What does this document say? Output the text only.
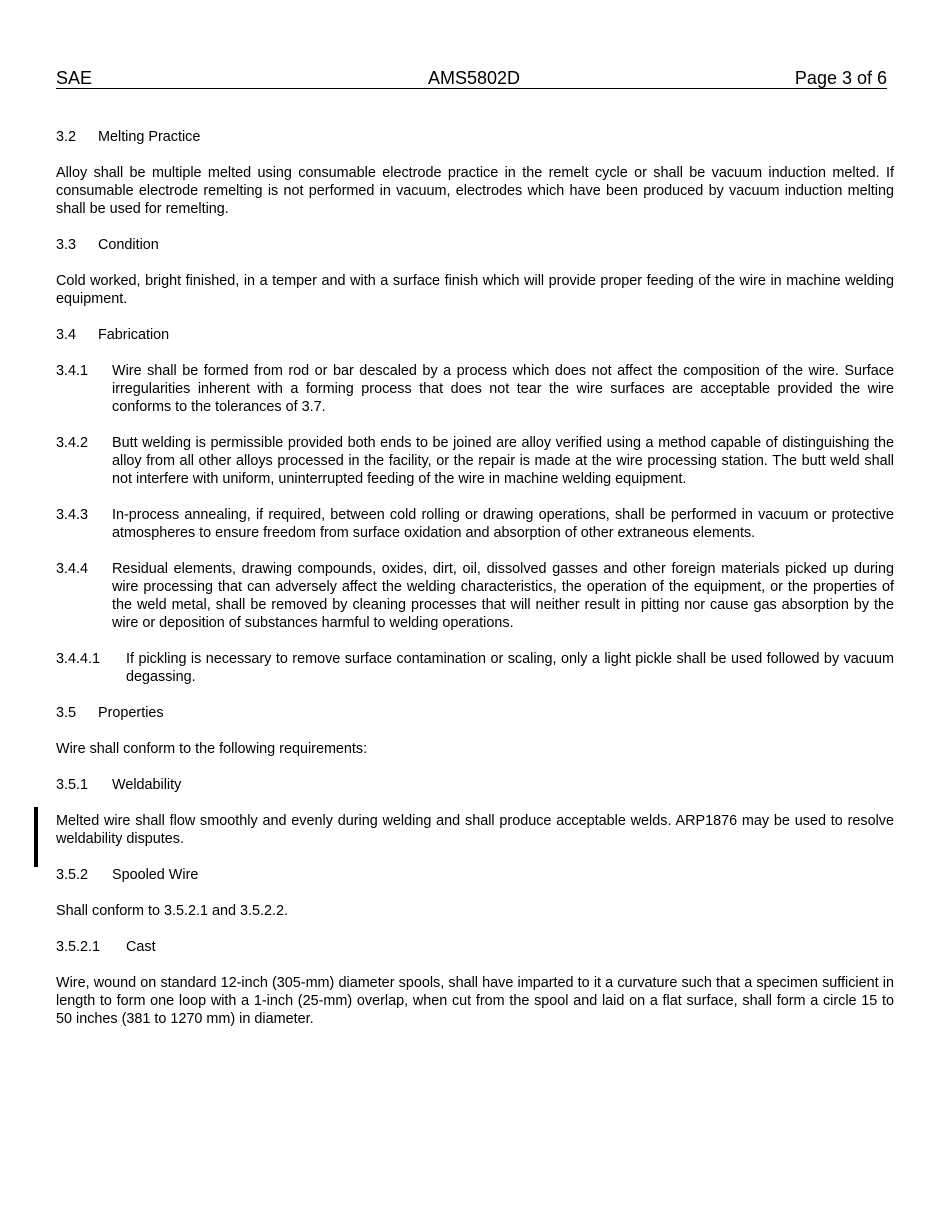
SAE	AMS5802D	Page 3 of 6
3.2	Melting Practice
Alloy shall be multiple melted using consumable electrode practice in the remelt cycle or shall be vacuum induction melted. If consumable electrode remelting is not performed in vacuum, electrodes which have been produced by vacuum induction melting shall be used for remelting.
3.3	Condition
Cold worked, bright finished, in a temper and with a surface finish which will provide proper feeding of the wire in machine welding equipment.
3.4	Fabrication
3.4.1	Wire shall be formed from rod or bar descaled by a process which does not affect the composition of the wire. Surface irregularities inherent with a forming process that does not tear the wire surfaces are acceptable provided the wire conforms to the tolerances of 3.7.
3.4.2	Butt welding is permissible provided both ends to be joined are alloy verified using a method capable of distinguishing the alloy from all other alloys processed in the facility, or the repair is made at the wire processing station. The butt weld shall not interfere with uniform, uninterrupted feeding of the wire in machine welding equipment.
3.4.3	In-process annealing, if required, between cold rolling or drawing operations, shall be performed in vacuum or protective atmospheres to ensure freedom from surface oxidation and absorption of other extraneous elements.
3.4.4	Residual elements, drawing compounds, oxides, dirt, oil, dissolved gasses and other foreign materials picked up during wire processing that can adversely affect the welding characteristics, the operation of the equipment, or the properties of the weld metal, shall be removed by cleaning processes that will neither result in pitting nor cause gas absorption by the wire or deposition of substances harmful to welding operations.
3.4.4.1	If pickling is necessary to remove surface contamination or scaling, only a light pickle shall be used followed by vacuum degassing.
3.5	Properties
Wire shall conform to the following requirements:
3.5.1	Weldability
Melted wire shall flow smoothly and evenly during welding and shall produce acceptable welds. ARP1876 may be used to resolve weldability disputes.
3.5.2	Spooled Wire
Shall conform to 3.5.2.1 and 3.5.2.2.
3.5.2.1	Cast
Wire, wound on standard 12-inch (305-mm) diameter spools, shall have imparted to it a curvature such that a specimen sufficient in length to form one loop with a 1-inch (25-mm) overlap, when cut from the spool and laid on a flat surface, shall form a circle 15 to 50 inches (381 to 1270 mm) in diameter.
